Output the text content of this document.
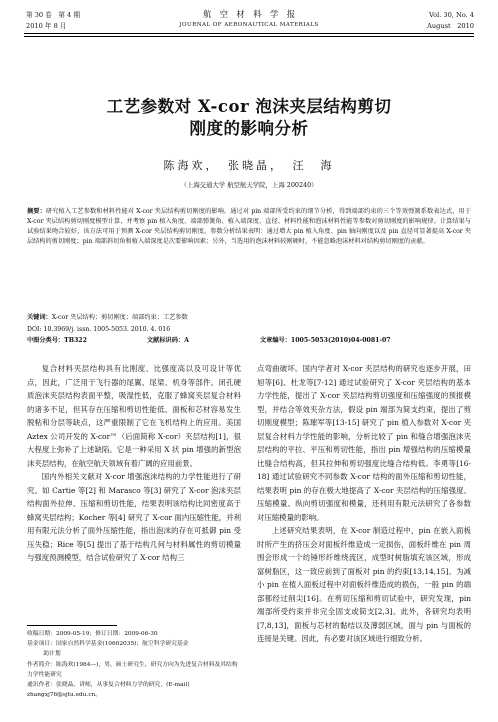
第 30 卷　第 4 期
2010 年 8 月
航　空　材　料　学　报
JOURNAL OF AERONAUTICAL MATERIALS
Vol. 30, No. 4
August　2010
工艺参数对 X-cor 泡沫夹层结构剪切
刚度的影响分析
陈海欢，　张晓晶，　汪　海
（上海交通大学 航空航天学院，上海 200240）
摘要：研究植入工艺参数和材料性能对 X-cor 夹层结构剪切刚度的影响。通过对 pin 端部所受约束的细节分析，得到端部约束的三个等效弹簧系数表达式，用于 X-cor 夹层结构剪切刚度模型计算，并考察 pin 植入角度、端部弹簧角、植入端深度、直径、材料性能和泡沫材料性能等参数对剪切刚度的影响规律。计算结果与试验结果吻合较好，该方法可用于预测 X-cor 夹层结构剪切刚度。参数分析结果表明：通过增大 pin 植入角度、pin 轴向刚度以及 pin 直径可显著提高 X-cor 夹层结构的剪切刚度；pin 端部斜切角和植入端深度是次要影响因素；另外，当选用的泡沫材料较刚硬时，不能忽略泡沫材料对结构剪切刚度的贡献。
关键词：X-cor 夹层结构；剪切刚度；端部约束；工艺参数
DOI: 10.3969/j. issn. 1005-5053. 2010. 4. 016
中图分类号：TB322	文献标识码：A	文章编号：1005-5053(2010)04-0081-07

复合材料夹层结构具有比刚度、比强度高以及可设计等优点，因此，广泛用于飞行器的尾翼、尾梁、机身等部件。闭孔硬质泡沫夹层结构表面平整，吸湿性低，克服了蜂窝夹层复合材料的诸多不足，但其存在压缩和剪切性能低、面板和芯材容易发生脱粘和分层等缺点，这严重限制了它在飞机结构上的应用。美国 Aztex 公司开发的 X-cor™（后面简称 X-cor）夹层结构[1]，很大程度上弥补了上述缺陷。它是一种采用 X 状 pin 增强的新型泡沫夹层结构，在航空航天领域有着广阔的应用前景。

国内外相关文献对 X-cor 增强泡沫结构的力学性能进行了研究。如 Cartie 等[2] 和 Marasco 等[3] 研究了 X-cor 泡沫夹层结构面外拉伸、压缩和剪切性能，结果表明该结构比同密度高于蜂窝夹层结构；Kocher 等[4] 研究了 X-cor 面内压缩性能，并利用有限元法分析了面外压缩性能，指出泡沫的存在可抵御 pin 受压失稳；Rice 等[5] 提出了基于结构几何与材料属性的剪切模量与强度预测模型，结合试验研究了 X-cor 结构三

点弯曲破坏。国内学者对 X-cor 夹层结构的研究也逐步开展，田旭等[6]、杜龙等[7-12] 通过试验研究了 X-cor 夹层结构的基本力学性能，提出了 X-cor 夹层结构剪切强度和压缩强度的预报模型，并结合等效夹杂方法，假设 pin 端部为简支约束，提出了剪切刚度模型；陈璀军等[13-15] 研究了 pin 植入参数对 X-cor 夹层复合材料力学性能的影响，分析比较了 pin 和缝合增强泡沫夹层结构的平拉、平压和剪切性能，指出 pin 增强结构的压缩模量比缝合结构高，但其拉伸和剪切强度比缝合结构低。李勇等[16-18] 通过试验研究不同参数 X-cor 结构的面外压缩和剪切性能，结果表明 pin 的存在极大地提高了 X-cor 夹层结构的压缩强度、压缩模量、纵向剪切强度和模量，还利用有限元法研究了各参数对压缩模量的影响。

上述研究结果表明，在 X-cor 制造过程中，pin 在嵌入面板时所产生的挤压会对面板纤维造成一定损伤，面板纤维在 pin 周围会形成一个纺锤形纤维绕流区，成型时树脂填充该区域，形成富树脂区，这一致应前到了面板对 pin 的约束[13,14,15]。为减小 pin 在植入面板过程中对面板纤维造成的损伤，一般 pin 的端部都经过削尖[16]。在剪切压缩和剪切试验中，研究发现，pin 端部所受约束并非完全固支或简支[2,3]。此外，各研究均表明[7,8,13]，面板与芯材的黏结以及薄弱区域，面与 pin 与面板的连接是关键。因此，有必要对该区域进行细致分析。

收稿日期：2009-05-19；修订日期：2009-06-30

基金项目：国家自然科学基金(10602035)；航空科学研究基金

助计划

作者简介：陈海欢(1984—)，男，硕士研究生，研究方向为先进复合材料及其结构力学性能研究

通讯作者：张晓晶，讲师，从事复合材料力学的研究，(E-mail) zhangxj76@sjtu.edu.cn。
